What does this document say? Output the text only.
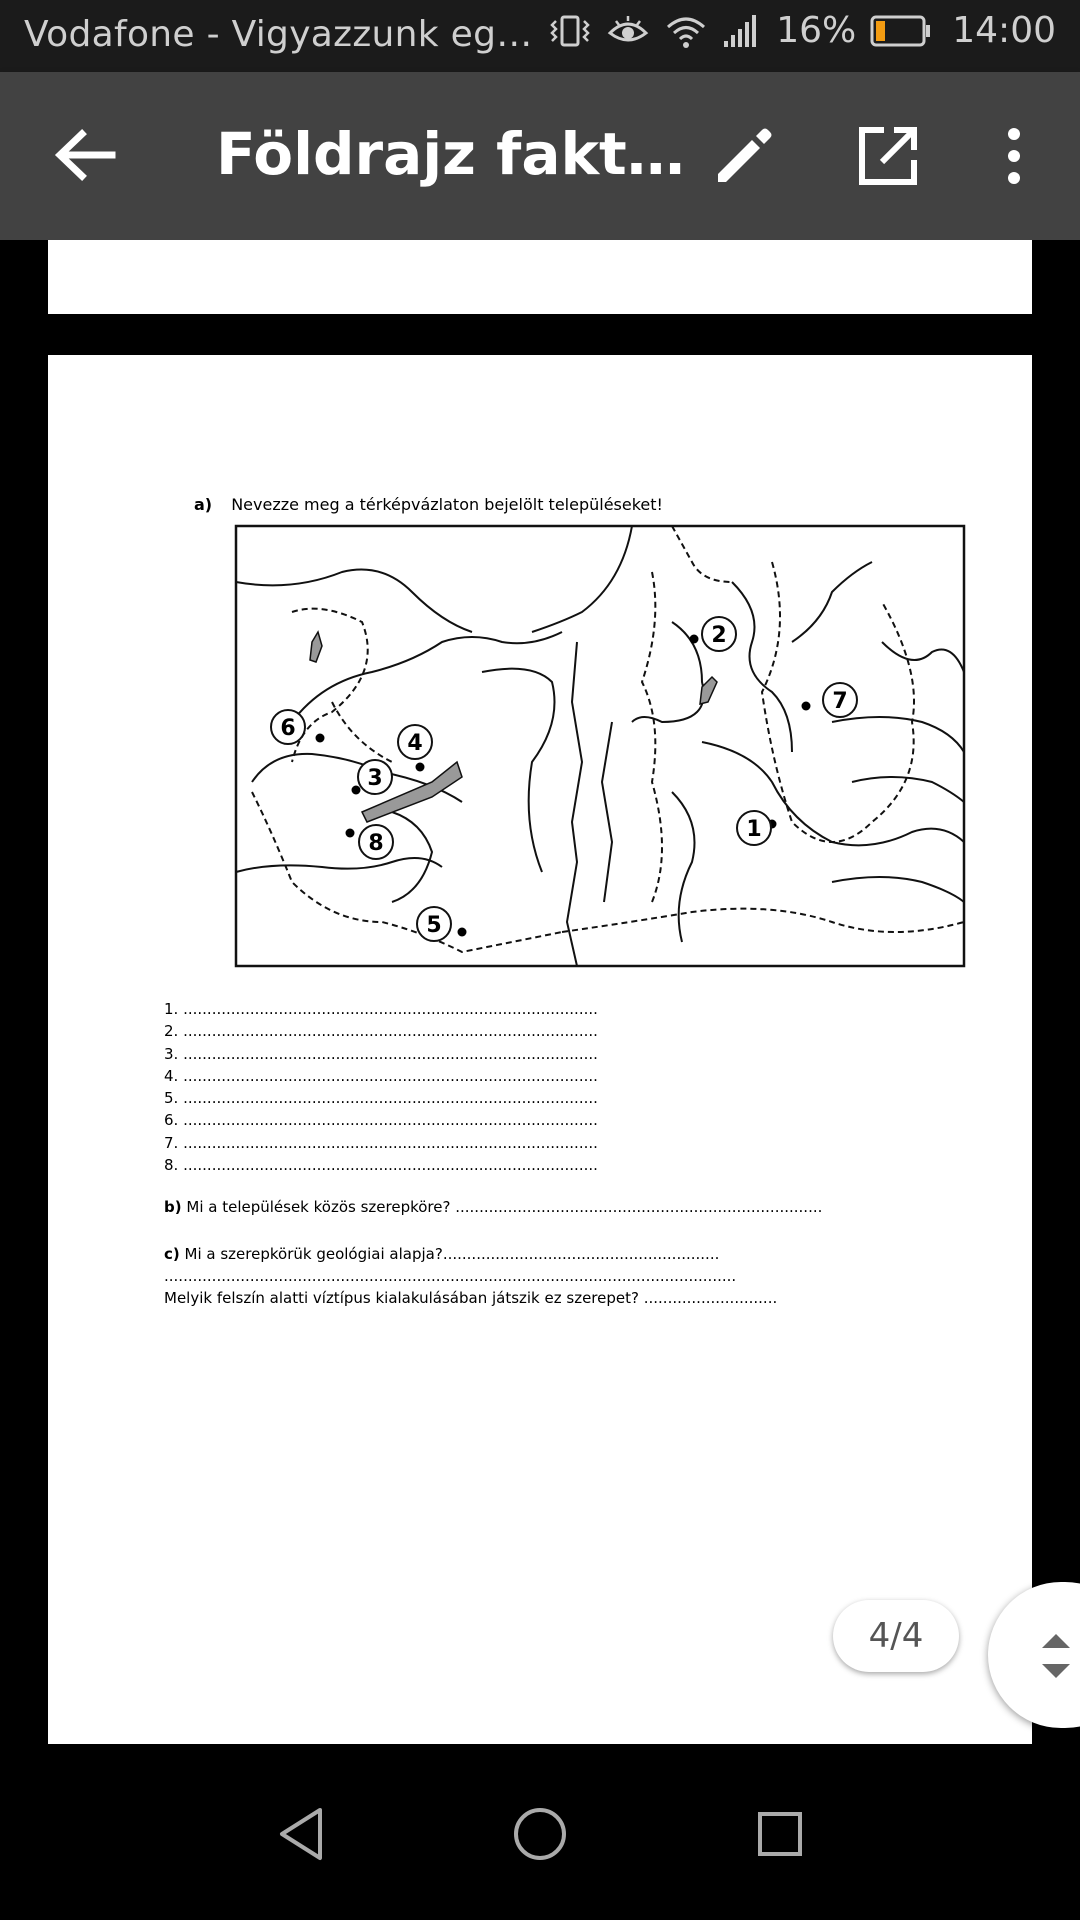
Vodafone - Vigyazzunk eg…	16%	14:00
Földrajz fakt…
a) Nevezze meg a térképvázlaton bejelölt településeket!
2
6
3
4
8
5
7
1
1. .......................................................................................
2. .......................................................................................
3. .......................................................................................
4. .......................................................................................
5. .......................................................................................
6. .......................................................................................
7. .......................................................................................
8. .......................................................................................
b) Mi a települések közös szerepköre? .............................................................................
c) Mi a szerepkörük geológiai alapja?..........................................................
........................................................................................................................
Melyik felszín alatti víztípus kialakulásában játszik ez szerepet? ............................
4/4
